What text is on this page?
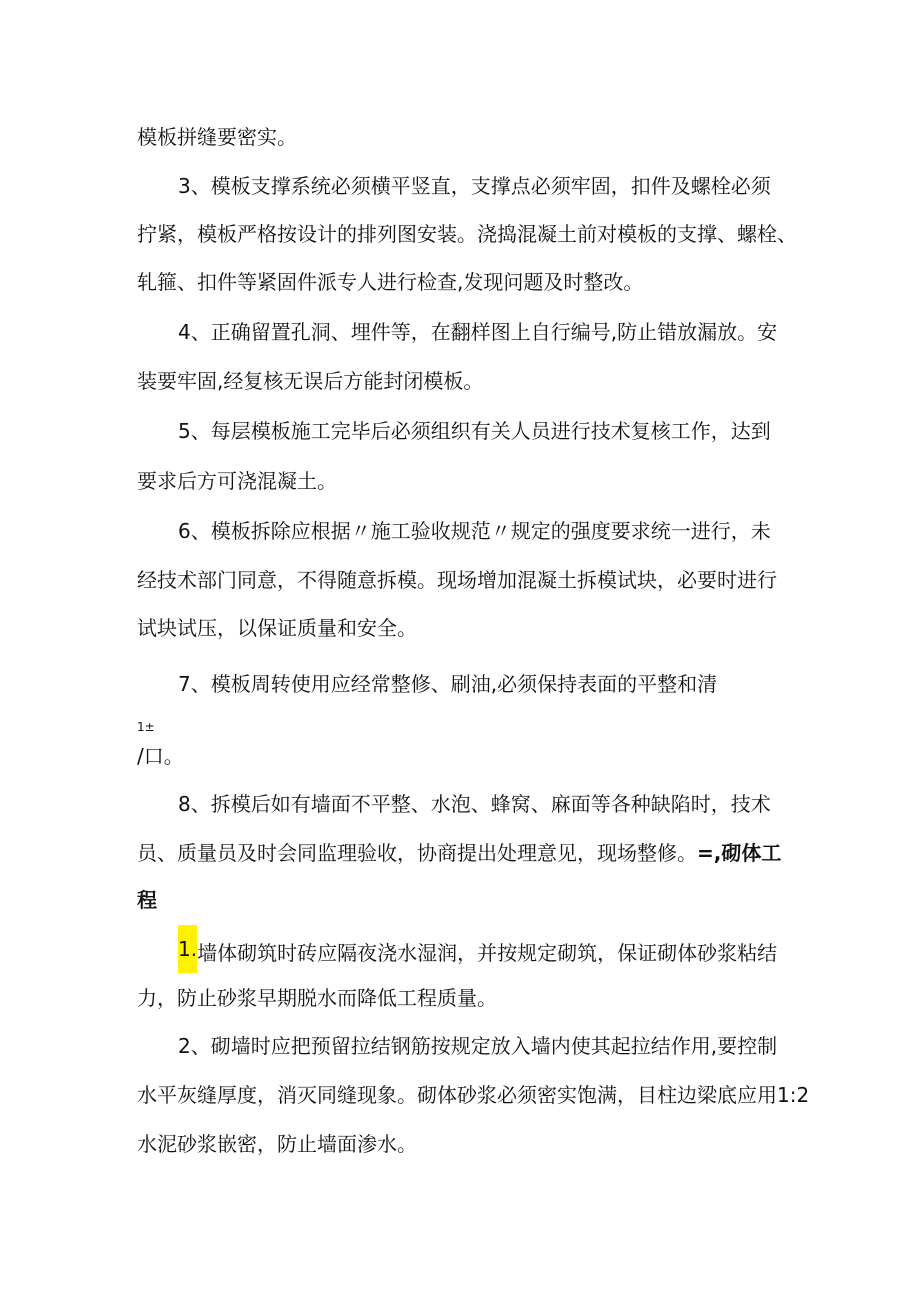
模板拼缝要密实。
3、模板支撑系统必须横平竖直，支撑点必须牢固，扣件及螺栓必须
拧紧，模板严格按设计的排列图安装。浇捣混凝土前对模板的支撑、螺栓、
轧箍、扣件等紧固件派专人进行检查,发现问题及时整改。
4、正确留置孔洞、埋件等，在翻样图上自行编号,防止错放漏放。安
装要牢固,经复核无误后方能封闭模板。
5、每层模板施工完毕后必须组织有关人员进行技术复核工作，达到
要求后方可浇混凝土。
6、模板拆除应根据〃施工验收规范〃规定的强度要求统一进行，未
经技术部门同意，不得随意拆模。现场增加混凝土拆模试块，必要时进行
试块试压，以保证质量和安全。
7、模板周转使用应经常整修、刷油,必须保持表面的平整和清
1±
/口。
8、拆模后如有墙面不平整、水泡、蜂窝、麻面等各种缺陷时，技术
员、质量员及时会同监理验收，协商提出处理意见，现场整修。=,砌体工
程
1.墙体砌筑时砖应隔夜浇水湿润，并按规定砌筑，保证砌体砂浆粘结
力，防止砂浆早期脱水而降低工程质量。
2、砌墙时应把预留拉结钢筋按规定放入墙内使其起拉结作用,要控制
水平灰缝厚度，消灭同缝现象。砌体砂浆必须密实饱满，目柱边梁底应用1:2
水泥砂浆嵌密，防止墙面渗水。
